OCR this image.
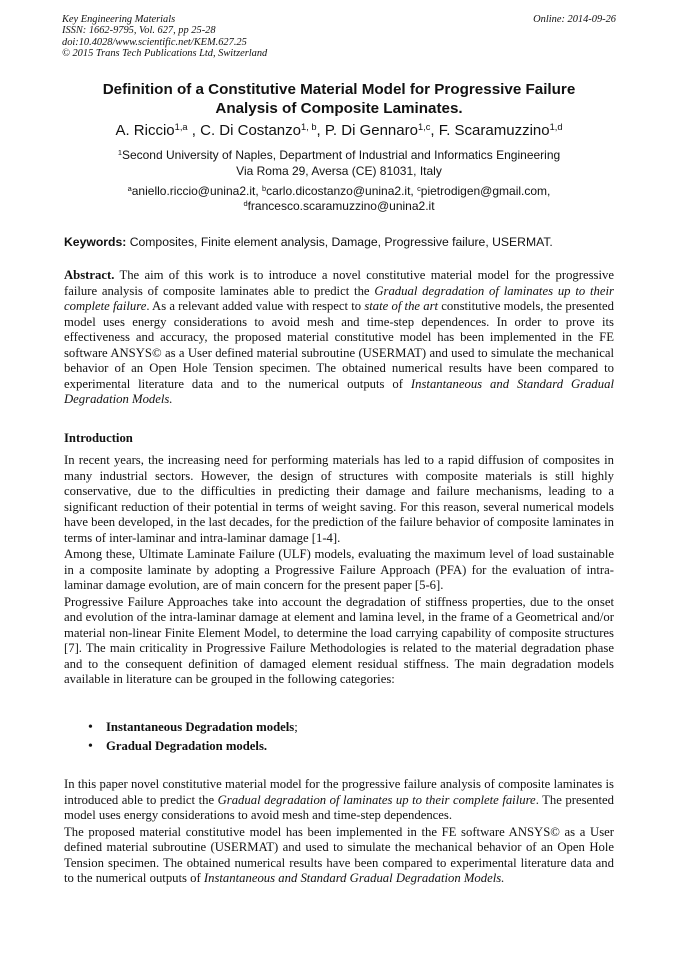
Key Engineering Materials
ISSN: 1662-9795, Vol. 627, pp 25-28
doi:10.4028/www.scientific.net/KEM.627.25
© 2015 Trans Tech Publications Ltd, Switzerland
Online: 2014-09-26
Definition of a Constitutive Material Model for Progressive Failure
Analysis of Composite Laminates.
A. Riccio$^{1,a}$ , C. Di Costanzo$^{1, b}$, P. Di Gennaro$^{1,c}$, F. Scaramuzzino$^{1,d}$
$^1$Second University of Naples, Department of Industrial and Informatics Engineering
Via Roma 29, Aversa (CE) 81031, Italy
$^a$aniello.riccio@unina2.it, $^b$carlo.dicostanzo@unina2.it, $^c$pietrodigen@gmail.com,
$^d$francesco.scaramuzzino@unina2.it
Keywords: Composites, Finite element analysis, Damage, Progressive failure, USERMAT.
Abstract. The aim of this work is to introduce a novel constitutive material model for the progressive failure analysis of composite laminates able to predict the Gradual degradation of laminates up to their complete failure. As a relevant added value with respect to state of the art constitutive models, the presented model uses energy considerations to avoid mesh and time-step dependences. In order to prove its effectiveness and accuracy, the proposed material constitutive model has been implemented in the FE software ANSYS© as a User defined material subroutine (USERMAT) and used to simulate the mechanical behavior of an Open Hole Tension specimen. The obtained numerical results have been compared to experimental literature data and to the numerical outputs of Instantaneous and Standard Gradual Degradation Models.
Introduction

In recent years, the increasing need for performing materials has led to a rapid diffusion of composites in many industrial sectors. However, the design of structures with composite materials is still highly conservative, due to the difficulties in predicting their damage and failure mechanisms, leading to a significant reduction of their potential in terms of weight saving. For this reason, several numerical models have been developed, in the last decades, for the prediction of the failure behavior of composite laminates in terms of inter-laminar and intra-laminar damage [1-4].

Among these, Ultimate Laminate Failure (ULF) models, evaluating the maximum level of load sustainable in a composite laminate by adopting a Progressive Failure Approach (PFA) for the evaluation of intra-laminar damage evolution, are of main concern for the present paper [5-6].

Progressive Failure Approaches take into account the degradation of stiffness properties, due to the onset and evolution of the intra-laminar damage at element and lamina level, in the frame of a Geometrical and/or material non-linear Finite Element Model, to determine the load carrying capability of composite structures [7]. The main criticality in Progressive Failure Methodologies is related to the material degradation phase and to the consequent definition of damaged element residual stiffness. The main degradation models available in literature can be grouped in the following categories:

• Instantaneous Degradation models;
• Gradual Degradation models.

In this paper novel constitutive material model for the progressive failure analysis of composite laminates is introduced able to predict the Gradual degradation of laminates up to their complete failure. The presented model uses energy considerations to avoid mesh and time-step dependences.

The proposed material constitutive model has been implemented in the FE software ANSYS© as a User defined material subroutine (USERMAT) and used to simulate the mechanical behavior of an Open Hole Tension specimen. The obtained numerical results have been compared to experimental literature data and to the numerical outputs of Instantaneous and Standard Gradual Degradation Models.
